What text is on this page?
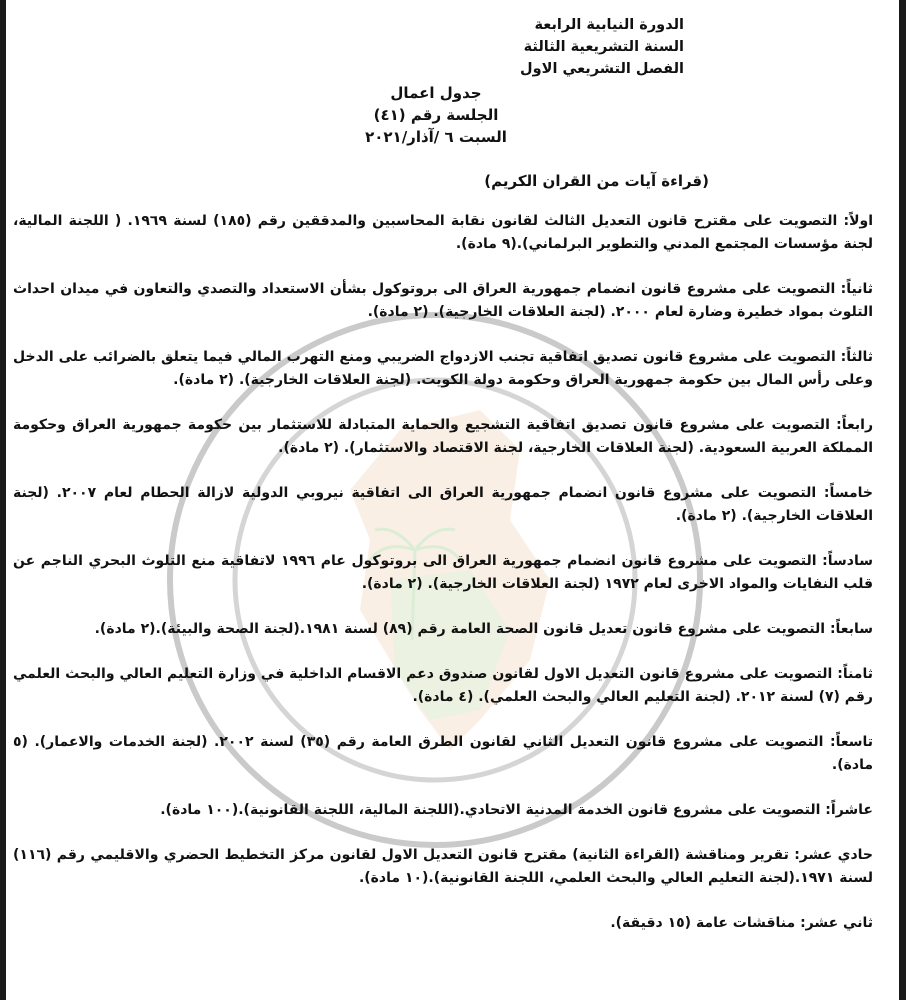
الدورة النيابية الرابعة
السنة التشريعية الثالثة
الفصل التشريعي الاول
جدول اعمال
الجلسة رقم (٤١)
السبت ٦ /آذار/٢٠٢١
(قراءة آيات من القران الكريم)
اولاً: التصويت على مقترح قانون التعديل الثالث لقانون نقابة المحاسبين والمدققين رقم (١٨٥) لسنة ١٩٦٩. ( اللجنة المالية، لجنة مؤسسات المجتمع المدني والتطوير البرلماني).(٩ مادة).
ثانياً: التصويت على مشروع قانون انضمام جمهورية العراق الى بروتوكول بشأن الاستعداد والتصدي والتعاون في ميدان احداث التلوث بمواد خطيرة وضارة لعام ٢٠٠٠. (لجنة العلاقات الخارجية). (٢ مادة).
ثالثاً: التصويت على مشروع قانون تصديق اتفاقية تجنب الازدواج الضريبي ومنع التهرب المالي فيما يتعلق بالضرائب على الدخل وعلى رأس المال بين حكومة جمهورية العراق وحكومة دولة الكويت. (لجنة العلاقات الخارجية). (٢ مادة).
رابعاً: التصويت على مشروع قانون تصديق اتفاقية التشجيع والحماية المتبادلة للاستثمار بين حكومة جمهورية العراق وحكومة المملكة العربية السعودية. (لجنة العلاقات الخارجية، لجنة الاقتصاد والاستثمار). (٢ مادة).
خامساً: التصويت على مشروع قانون انضمام جمهورية العراق الى اتفاقية نيروبي الدولية لازالة الحطام لعام ٢٠٠٧. (لجنة العلاقات الخارجية). (٢ مادة).
سادساً: التصويت على مشروع قانون انضمام جمهورية العراق الى بروتوكول عام ١٩٩٦ لاتفاقية منع التلوث البحري الناجم عن قلب النفايات والمواد الاخرى لعام ١٩٧٢ (لجنة العلاقات الخارجية). (٢ مادة).
سابعاً: التصويت على مشروع قانون تعديل قانون الصحة العامة رقم (٨٩) لسنة ١٩٨١.(لجنة الصحة والبيئة).(٢ مادة).
ثامناً: التصويت على مشروع قانون التعديل الاول لقانون صندوق دعم الاقسام الداخلية في وزارة التعليم العالي والبحث العلمي رقم (٧) لسنة ٢٠١٢. (لجنة التعليم العالي والبحث العلمي). (٤ مادة).
تاسعاً: التصويت على مشروع قانون التعديل الثاني لقانون الطرق العامة رقم (٣٥) لسنة ٢٠٠٢. (لجنة الخدمات والاعمار). (٥ مادة).
عاشراً: التصويت على مشروع قانون الخدمة المدنية الاتحادي.(اللجنة المالية، اللجنة القانونية).(١٠٠ مادة).
حادي عشر: تقرير ومناقشة (القراءة الثانية) مقترح قانون التعديل الاول لقانون مركز التخطيط الحضري والاقليمي رقم (١١٦) لسنة ١٩٧١.(لجنة التعليم العالي والبحث العلمي، اللجنة القانونية).(١٠ مادة).
ثاني عشر: مناقشات عامة (١٥ دقيقة).
